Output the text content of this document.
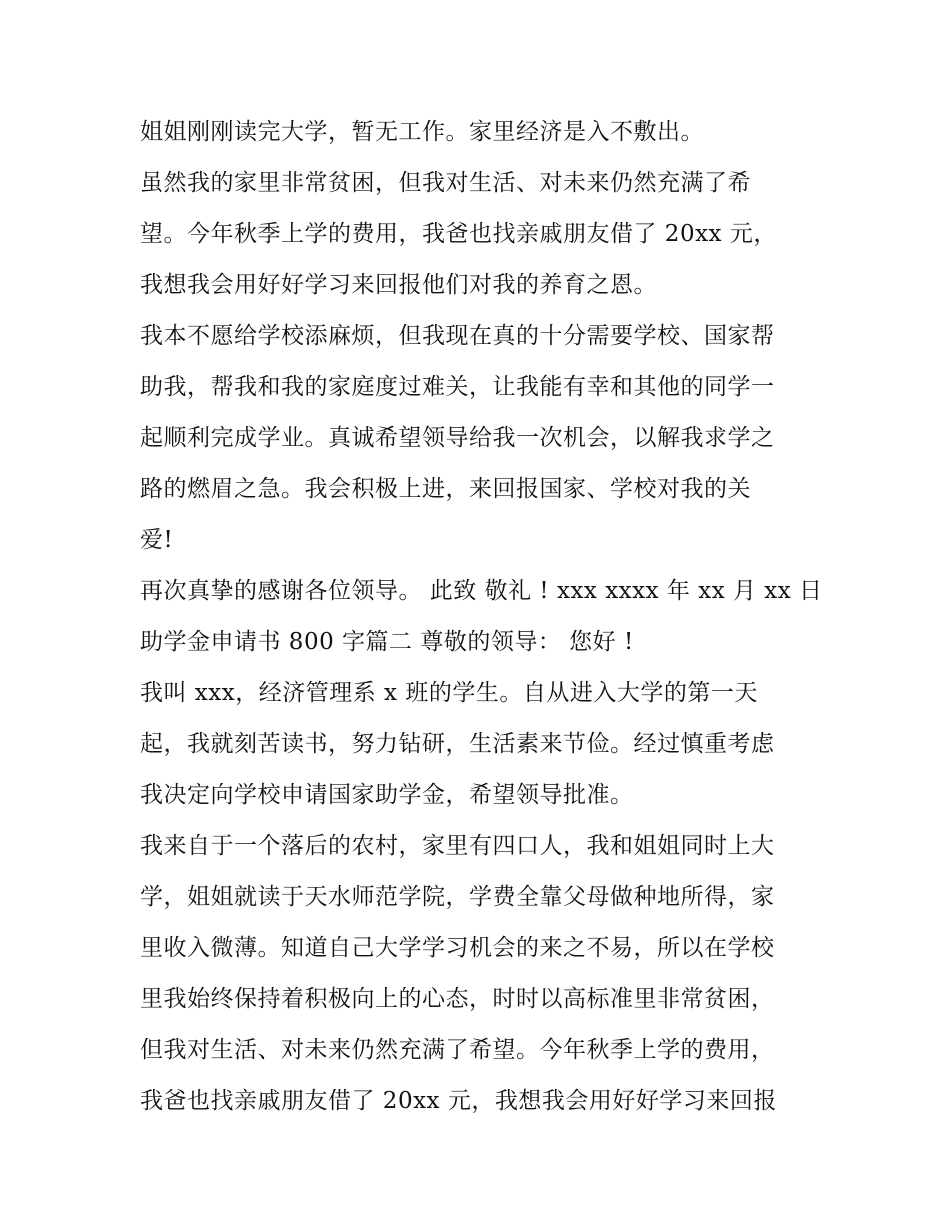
姐姐刚刚读完大学，暂无工作。家里经济是入不敷出。
虽然我的家里非常贫困，但我对生活、对未来仍然充满了希
望。今年秋季上学的费用，我爸也找亲戚朋友借了 20xx 元，
我想我会用好好学习来回报他们对我的养育之恩。
我本不愿给学校添麻烦，但我现在真的十分需要学校、国家帮
助我，帮我和我的家庭度过难关，让我能有幸和其他的同学一
起顺利完成学业。真诚希望领导给我一次机会，以解我求学之
路的燃眉之急。我会积极上进，来回报国家、学校对我的关
爱!
再次真挚的感谢各位领导。 此致 敬礼 ! xxx xxxx 年 xx 月 xx 日
助学金申请书 800 字篇二 尊敬的领导： 您好 !
我叫 xxx，经济管理系 x 班的学生。自从进入大学的第一天
起，我就刻苦读书，努力钻研，生活素来节俭。经过慎重考虑
我决定向学校申请国家助学金，希望领导批准。
我来自于一个落后的农村，家里有四口人，我和姐姐同时上大
学，姐姐就读于天水师范学院，学费全靠父母做种地所得，家
里收入微薄。知道自己大学学习机会的来之不易，所以在学校
里我始终保持着积极向上的心态，时时以高标准里非常贫困，
但我对生活、对未来仍然充满了希望。今年秋季上学的费用，
我爸也找亲戚朋友借了 20xx 元，我想我会用好好学习来回报
